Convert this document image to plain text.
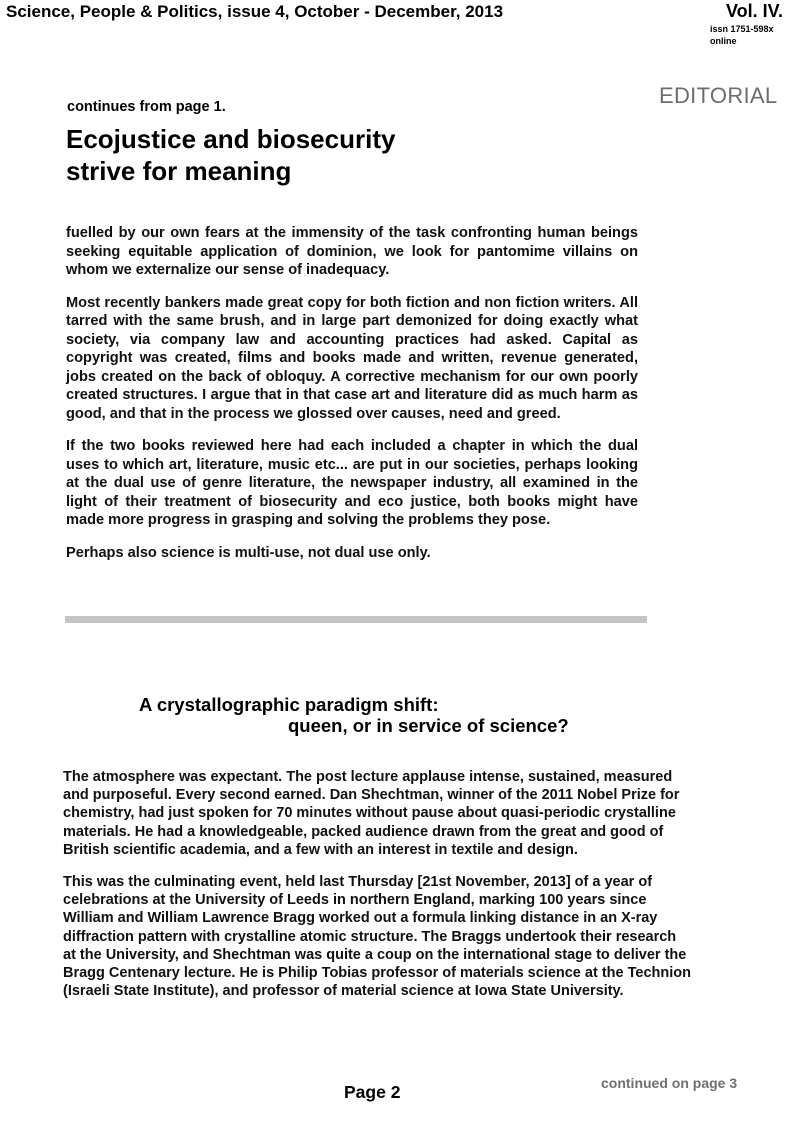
Science, People & Politics, issue 4, October - December, 2013	Vol. IV.
issn 1751-598x
online
EDITORIAL
continues from page 1.
Ecojustice and biosecurity
strive for meaning

fuelled by our own fears at the immensity of the task confronting human beings seeking equitable application of dominion, we look for pantomime villains on whom we externalize our sense of inadequacy.

Most recently bankers made great copy for both fiction and non fiction writers. All tarred with the same brush, and in large part demonized for doing exactly what society, via company law and accounting practices had asked. Capital as copyright was created, films and books made and written, revenue generated, jobs created on the back of obloquy. A corrective mechanism for our own poorly created structures. I argue that in that case art and literature did as much harm as good, and that in the process we glossed over causes, need and greed.

If the two books reviewed here had each included a chapter in which the dual uses to which art, literature, music etc... are put in our societies, perhaps looking at the dual use of genre literature, the newspaper industry, all examined in the light of their treatment of biosecurity and eco justice, both books might have made more progress in grasping and solving the problems they pose.

Perhaps also science is multi-use, not dual use only.

A crystallographic paradigm shift:
queen, or in service of science?

The atmosphere was expectant. The post lecture applause intense, sustained, measured and purposeful. Every second earned. Dan Shechtman, winner of the 2011 Nobel Prize for chemistry, had just spoken for 70 minutes without pause about quasi-periodic crystalline materials. He had a knowledgeable, packed audience drawn from the great and good of British scientific academia, and a few with an interest in textile and design.

This was the culminating event, held last Thursday [21st November, 2013] of a year of celebrations at the University of Leeds in northern England, marking 100 years since William and William Lawrence Bragg worked out a formula linking distance in an X-ray diffraction pattern with crystalline atomic structure. The Braggs undertook their research at the University, and Shechtman was quite a coup on the international stage to deliver the Bragg Centenary lecture. He is Philip Tobias professor of materials science at the Technion (Israeli State Institute), and professor of material science at Iowa State University.

Page 2	continued on page 3
